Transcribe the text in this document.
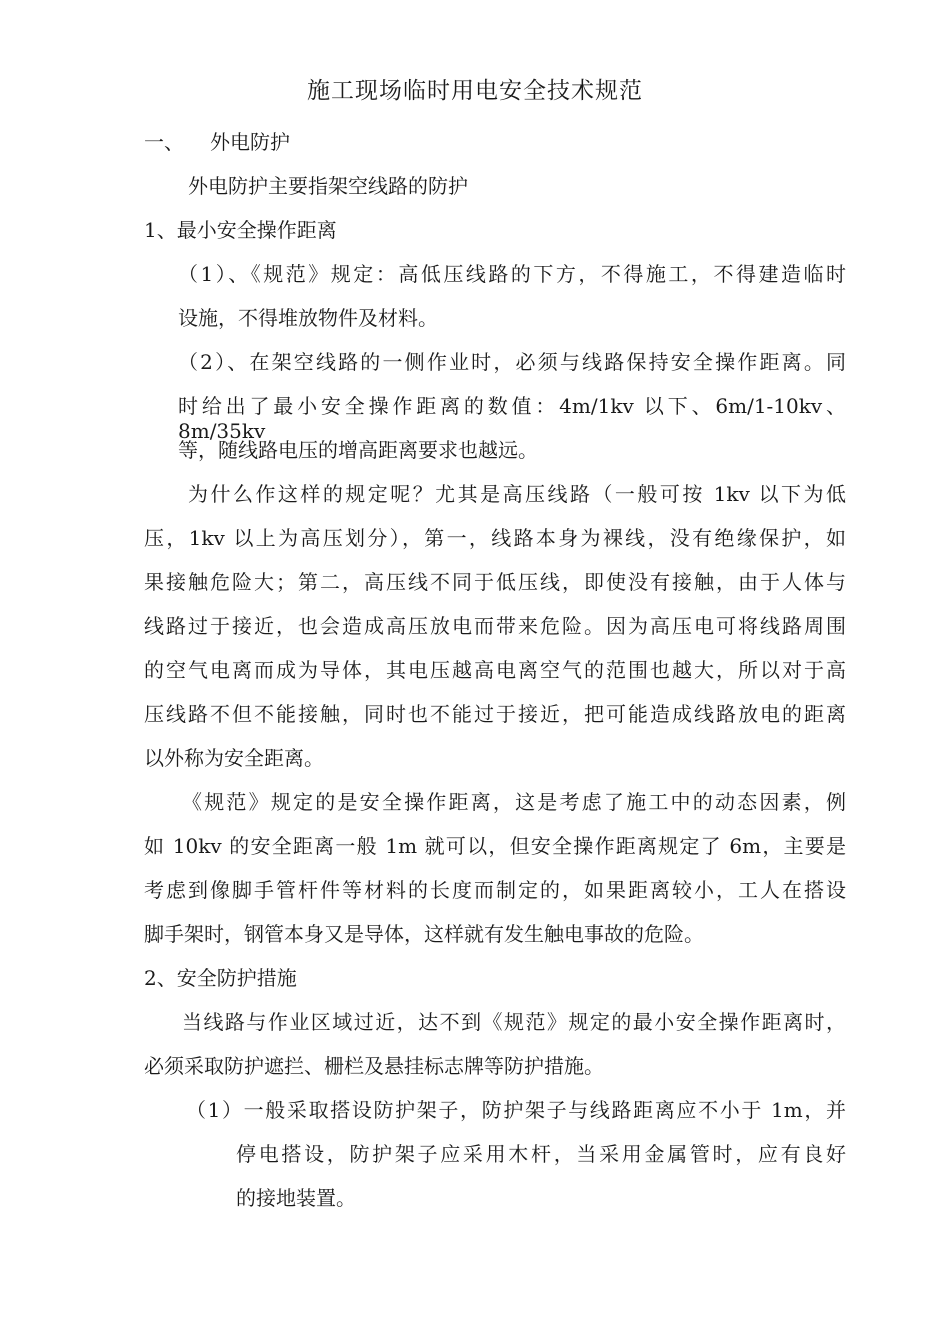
施工现场临时用电安全技术规范
一、 外电防护
外电防护主要指架空线路的防护
1、最小安全操作距离
（1）、《规范》规定：高低压线路的下方，不得施工，不得建造临时
设施，不得堆放物件及材料。
（2）、在架空线路的一侧作业时，必须与线路保持安全操作距离。同
时给出了最小安全操作距离的数值：4m/1kv 以下、6m/1-10kv、8m/35kv
等，随线路电压的增高距离要求也越远。
为什么作这样的规定呢？尤其是高压线路（一般可按 1kv 以下为低
压，1kv 以上为高压划分），第一，线路本身为裸线，没有绝缘保护，如
果接触危险大；第二，高压线不同于低压线，即使没有接触，由于人体与
线路过于接近，也会造成高压放电而带来危险。因为高压电可将线路周围
的空气电离而成为导体，其电压越高电离空气的范围也越大，所以对于高
压线路不但不能接触，同时也不能过于接近，把可能造成线路放电的距离
以外称为安全距离。
《规范》规定的是安全操作距离，这是考虑了施工中的动态因素，例
如 10kv 的安全距离一般 1m 就可以，但安全操作距离规定了 6m，主要是
考虑到像脚手管杆件等材料的长度而制定的，如果距离较小，工人在搭设
脚手架时，钢管本身又是导体，这样就有发生触电事故的危险。
2、安全防护措施
当线路与作业区域过近，达不到《规范》规定的最小安全操作距离时，
必须采取防护遮拦、栅栏及悬挂标志牌等防护措施。
（1）一般采取搭设防护架子，防护架子与线路距离应不小于 1m，并
停电搭设，防护架子应采用木杆，当采用金属管时，应有良好
的接地装置。
